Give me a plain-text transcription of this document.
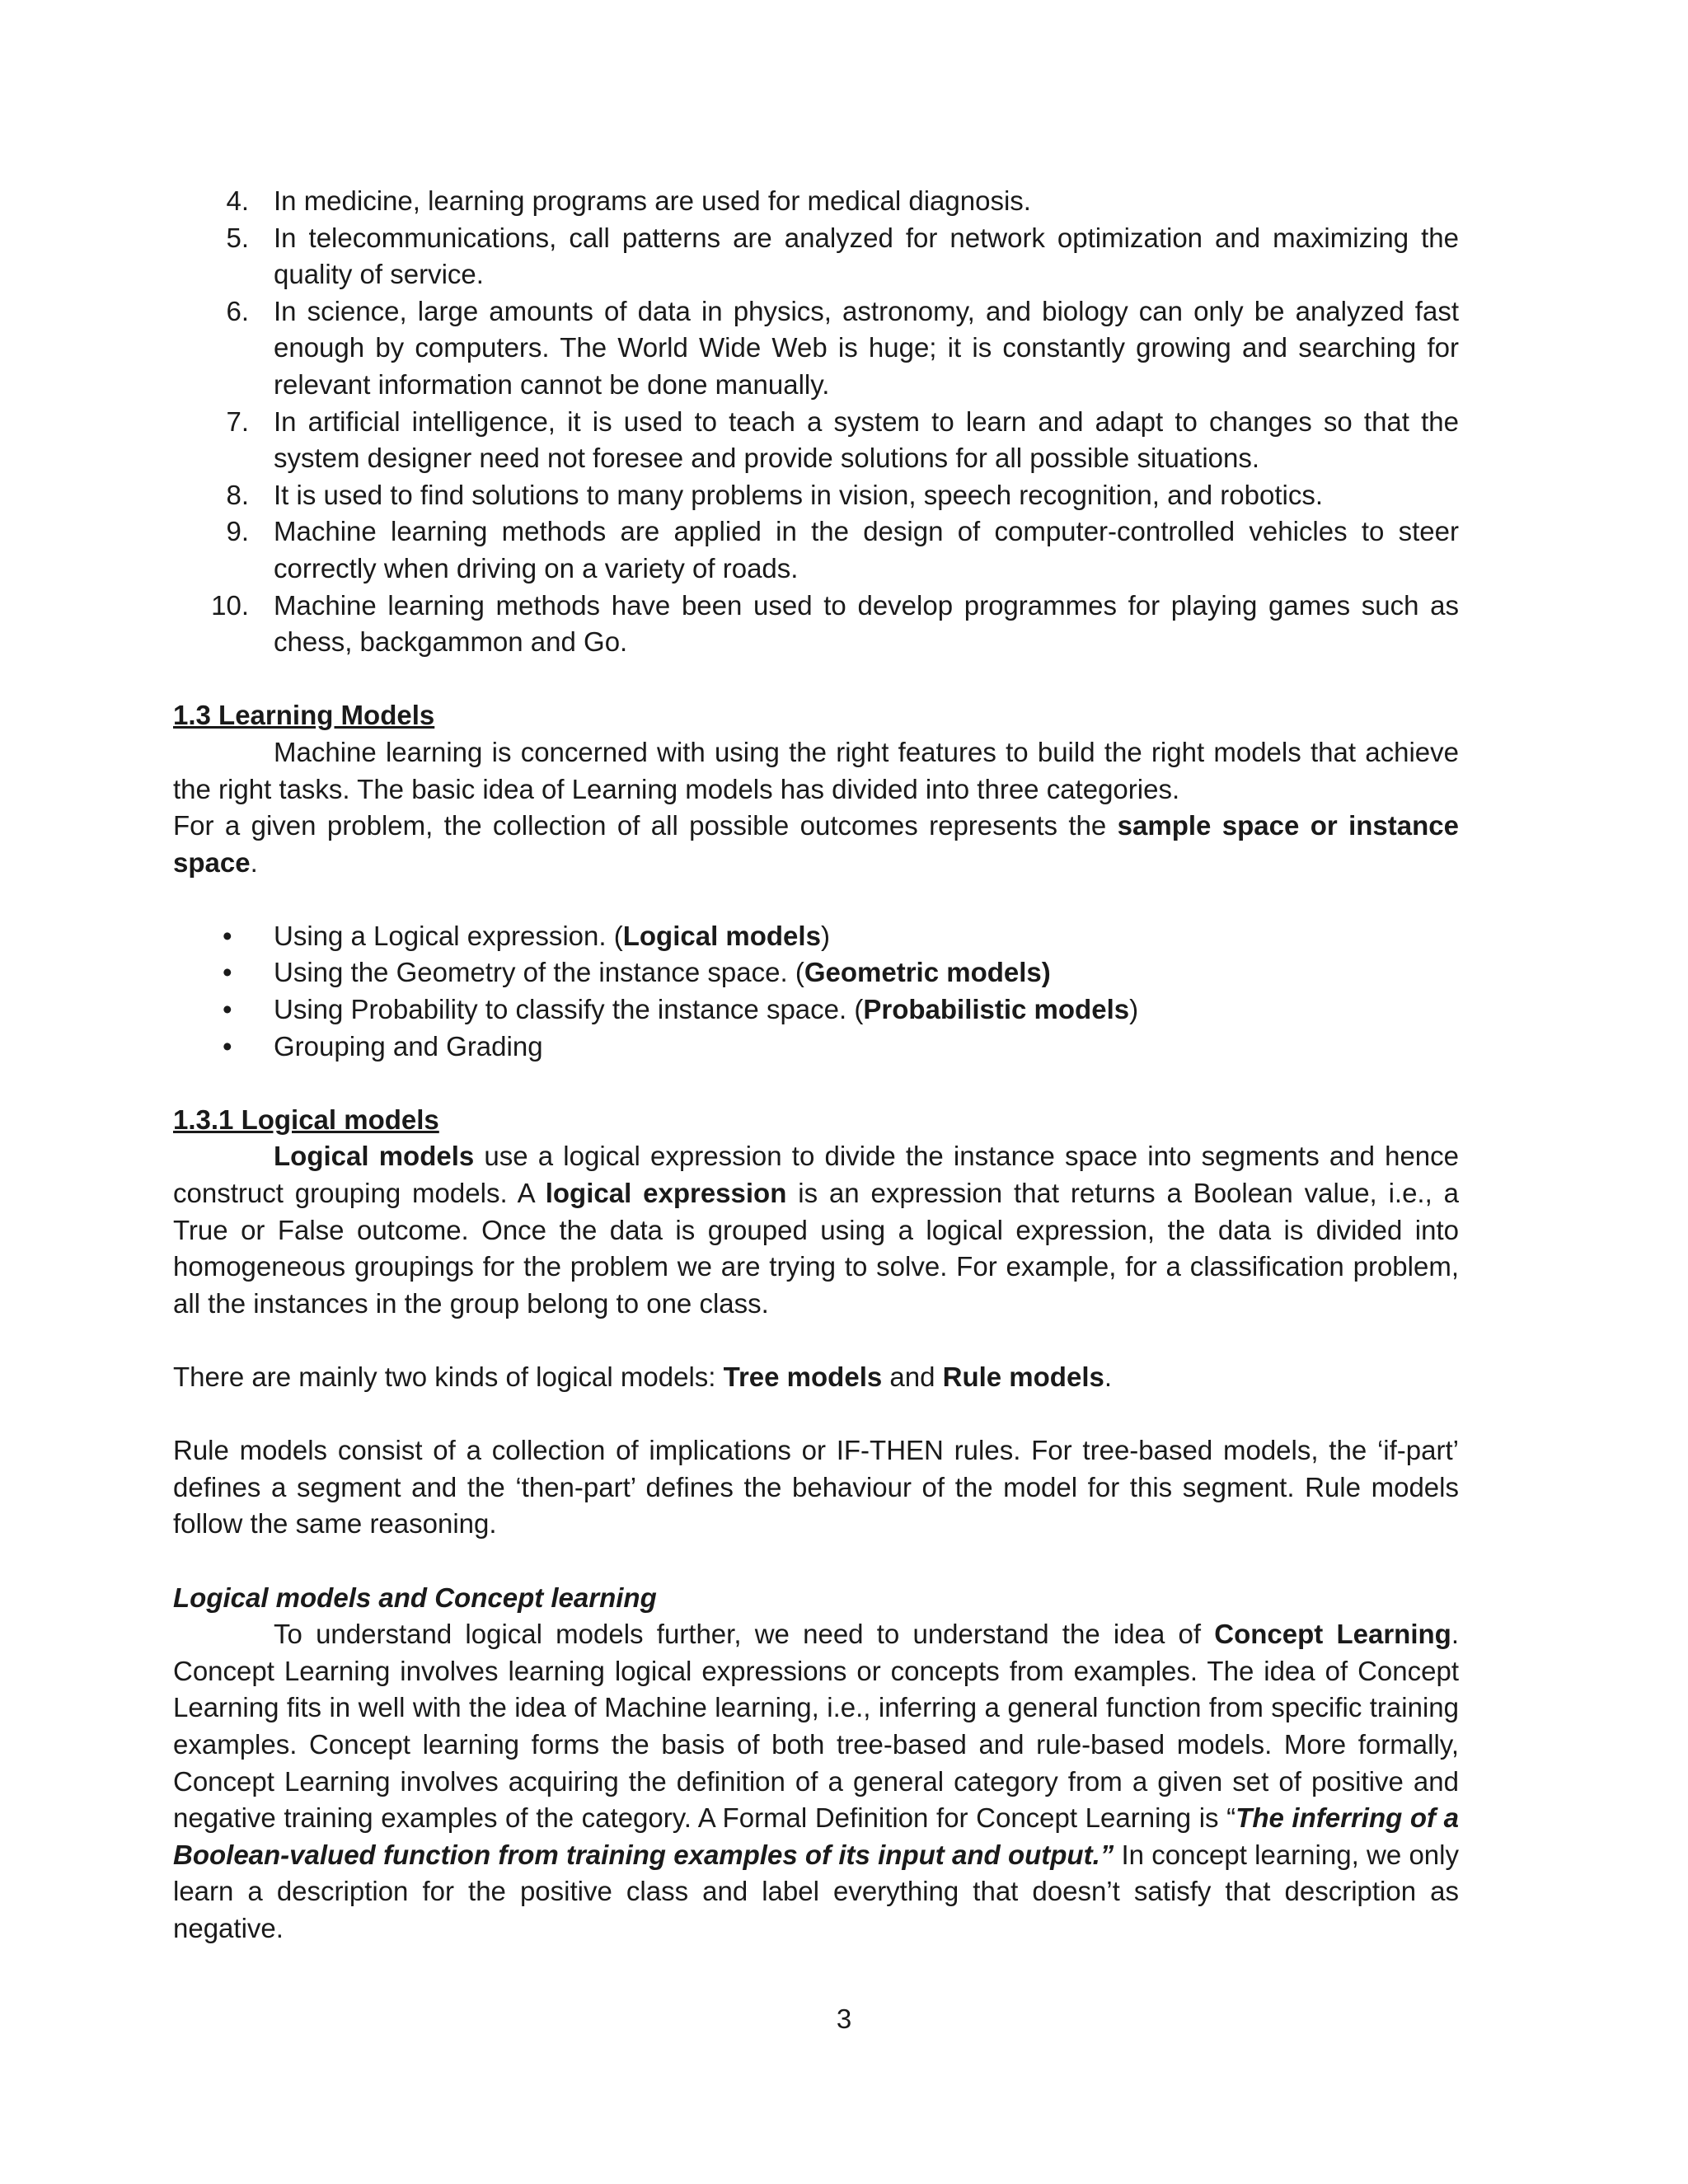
4. In medicine, learning programs are used for medical diagnosis.
5. In telecommunications, call patterns are analyzed for network optimization and maximizing the quality of service.
6. In science, large amounts of data in physics, astronomy, and biology can only be analyzed fast enough by computers. The World Wide Web is huge; it is constantly growing and searching for relevant information cannot be done manually.
7. In artificial intelligence, it is used to teach a system to learn and adapt to changes so that the system designer need not foresee and provide solutions for all possible situations.
8. It is used to find solutions to many problems in vision, speech recognition, and robotics.
9. Machine learning methods are applied in the design of computer-controlled vehicles to steer correctly when driving on a variety of roads.
10. Machine learning methods have been used to develop programmes for playing games such as chess, backgammon and Go.

1.3 Learning Models

Machine learning is concerned with using the right features to build the right models that achieve the right tasks. The basic idea of Learning models has divided into three categories.

For a given problem, the collection of all possible outcomes represents the sample space or instance space.

• Using a Logical expression. (Logical models)
• Using the Geometry of the instance space. (Geometric models)
• Using Probability to classify the instance space. (Probabilistic models)
• Grouping and Grading

1.3.1 Logical models

Logical models use a logical expression to divide the instance space into segments and hence construct grouping models. A logical expression is an expression that returns a Boolean value, i.e., a True or False outcome. Once the data is grouped using a logical expression, the data is divided into homogeneous groupings for the problem we are trying to solve. For example, for a classification problem, all the instances in the group belong to one class.

There are mainly two kinds of logical models: Tree models and Rule models.

Rule models consist of a collection of implications or IF-THEN rules. For tree-based models, the ‘if-part’ defines a segment and the ‘then-part’ defines the behaviour of the model for this segment. Rule models follow the same reasoning.

Logical models and Concept learning

To understand logical models further, we need to understand the idea of Concept Learning. Concept Learning involves learning logical expressions or concepts from examples. The idea of Concept Learning fits in well with the idea of Machine learning, i.e., inferring a general function from specific training examples. Concept learning forms the basis of both tree-based and rule-based models. More formally, Concept Learning involves acquiring the definition of a general category from a given set of positive and negative training examples of the category. A Formal Definition for Concept Learning is “The inferring of a Boolean-valued function from training examples of its input and output.” In concept learning, we only learn a description for the positive class and label everything that doesn’t satisfy that description as negative.

3
